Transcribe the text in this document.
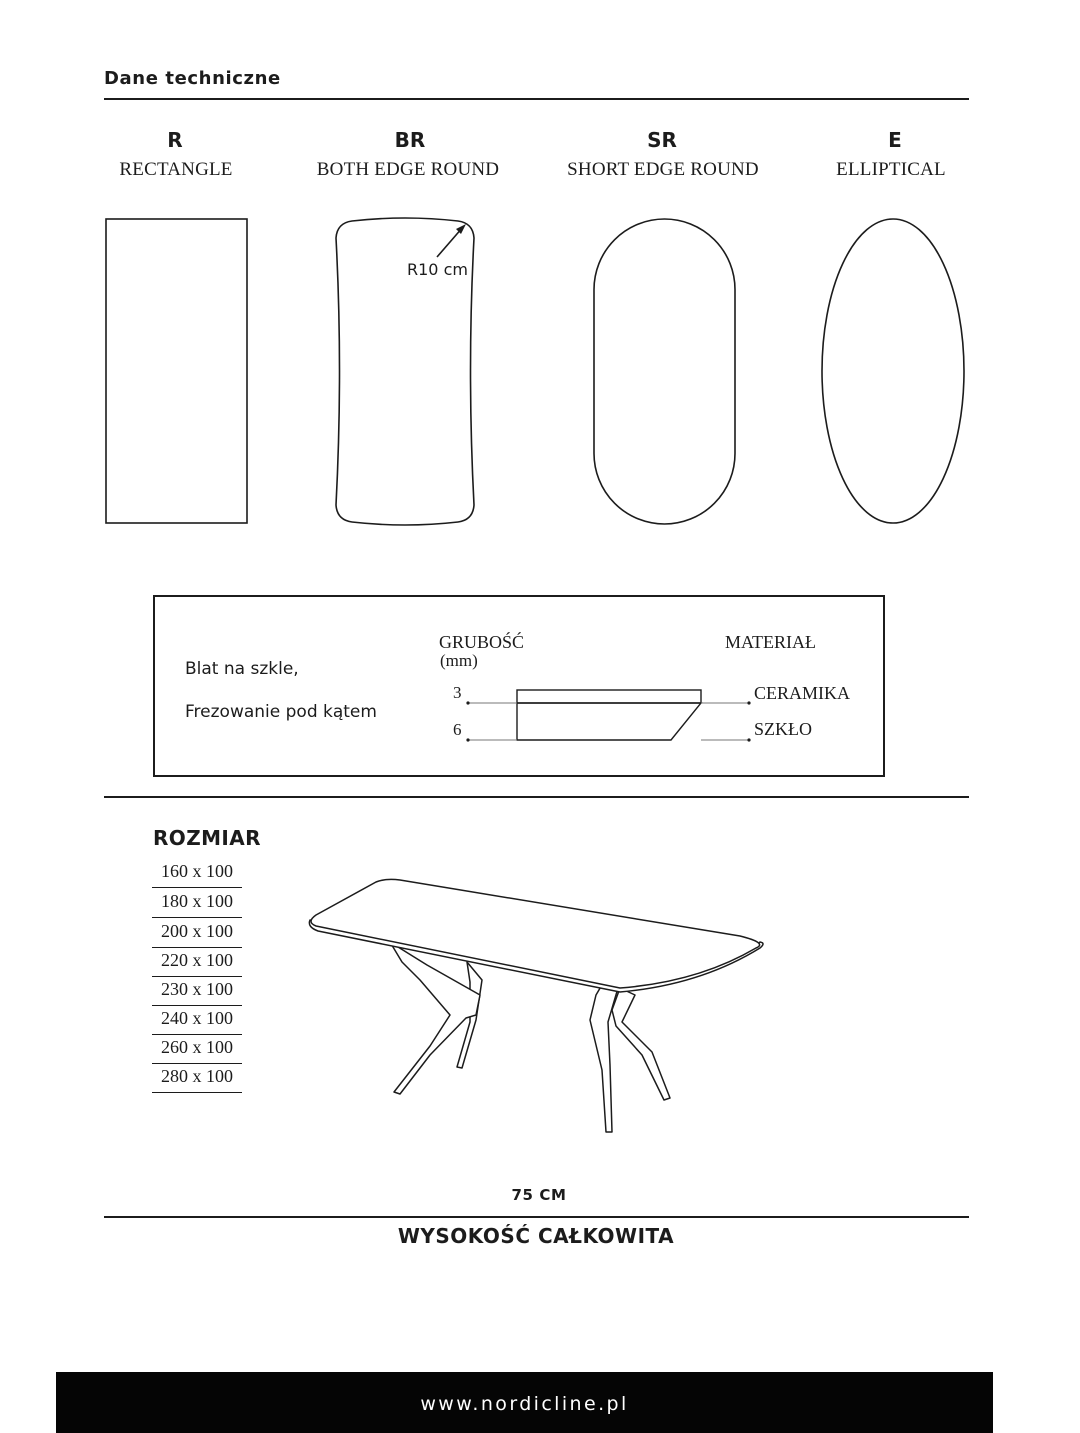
Dane techniczne
R
RECTANGLE
BR
BOTH EDGE ROUND
SR
SHORT EDGE ROUND
E
ELLIPTICAL
R10 cm
Blat na szkle,
Frezowanie pod kątem
GRUBOŚĆ
(mm)
MATERIAŁ
3
6
CERAMIKA
SZKŁO
ROZMIAR
160 x 100
180 x 100
200 x 100
220 x 100
230 x 100
240 x 100
260 x 100
280 x 100
75 CM
WYSOKOŚĆ CAŁKOWITA
www.nordicline.pl
